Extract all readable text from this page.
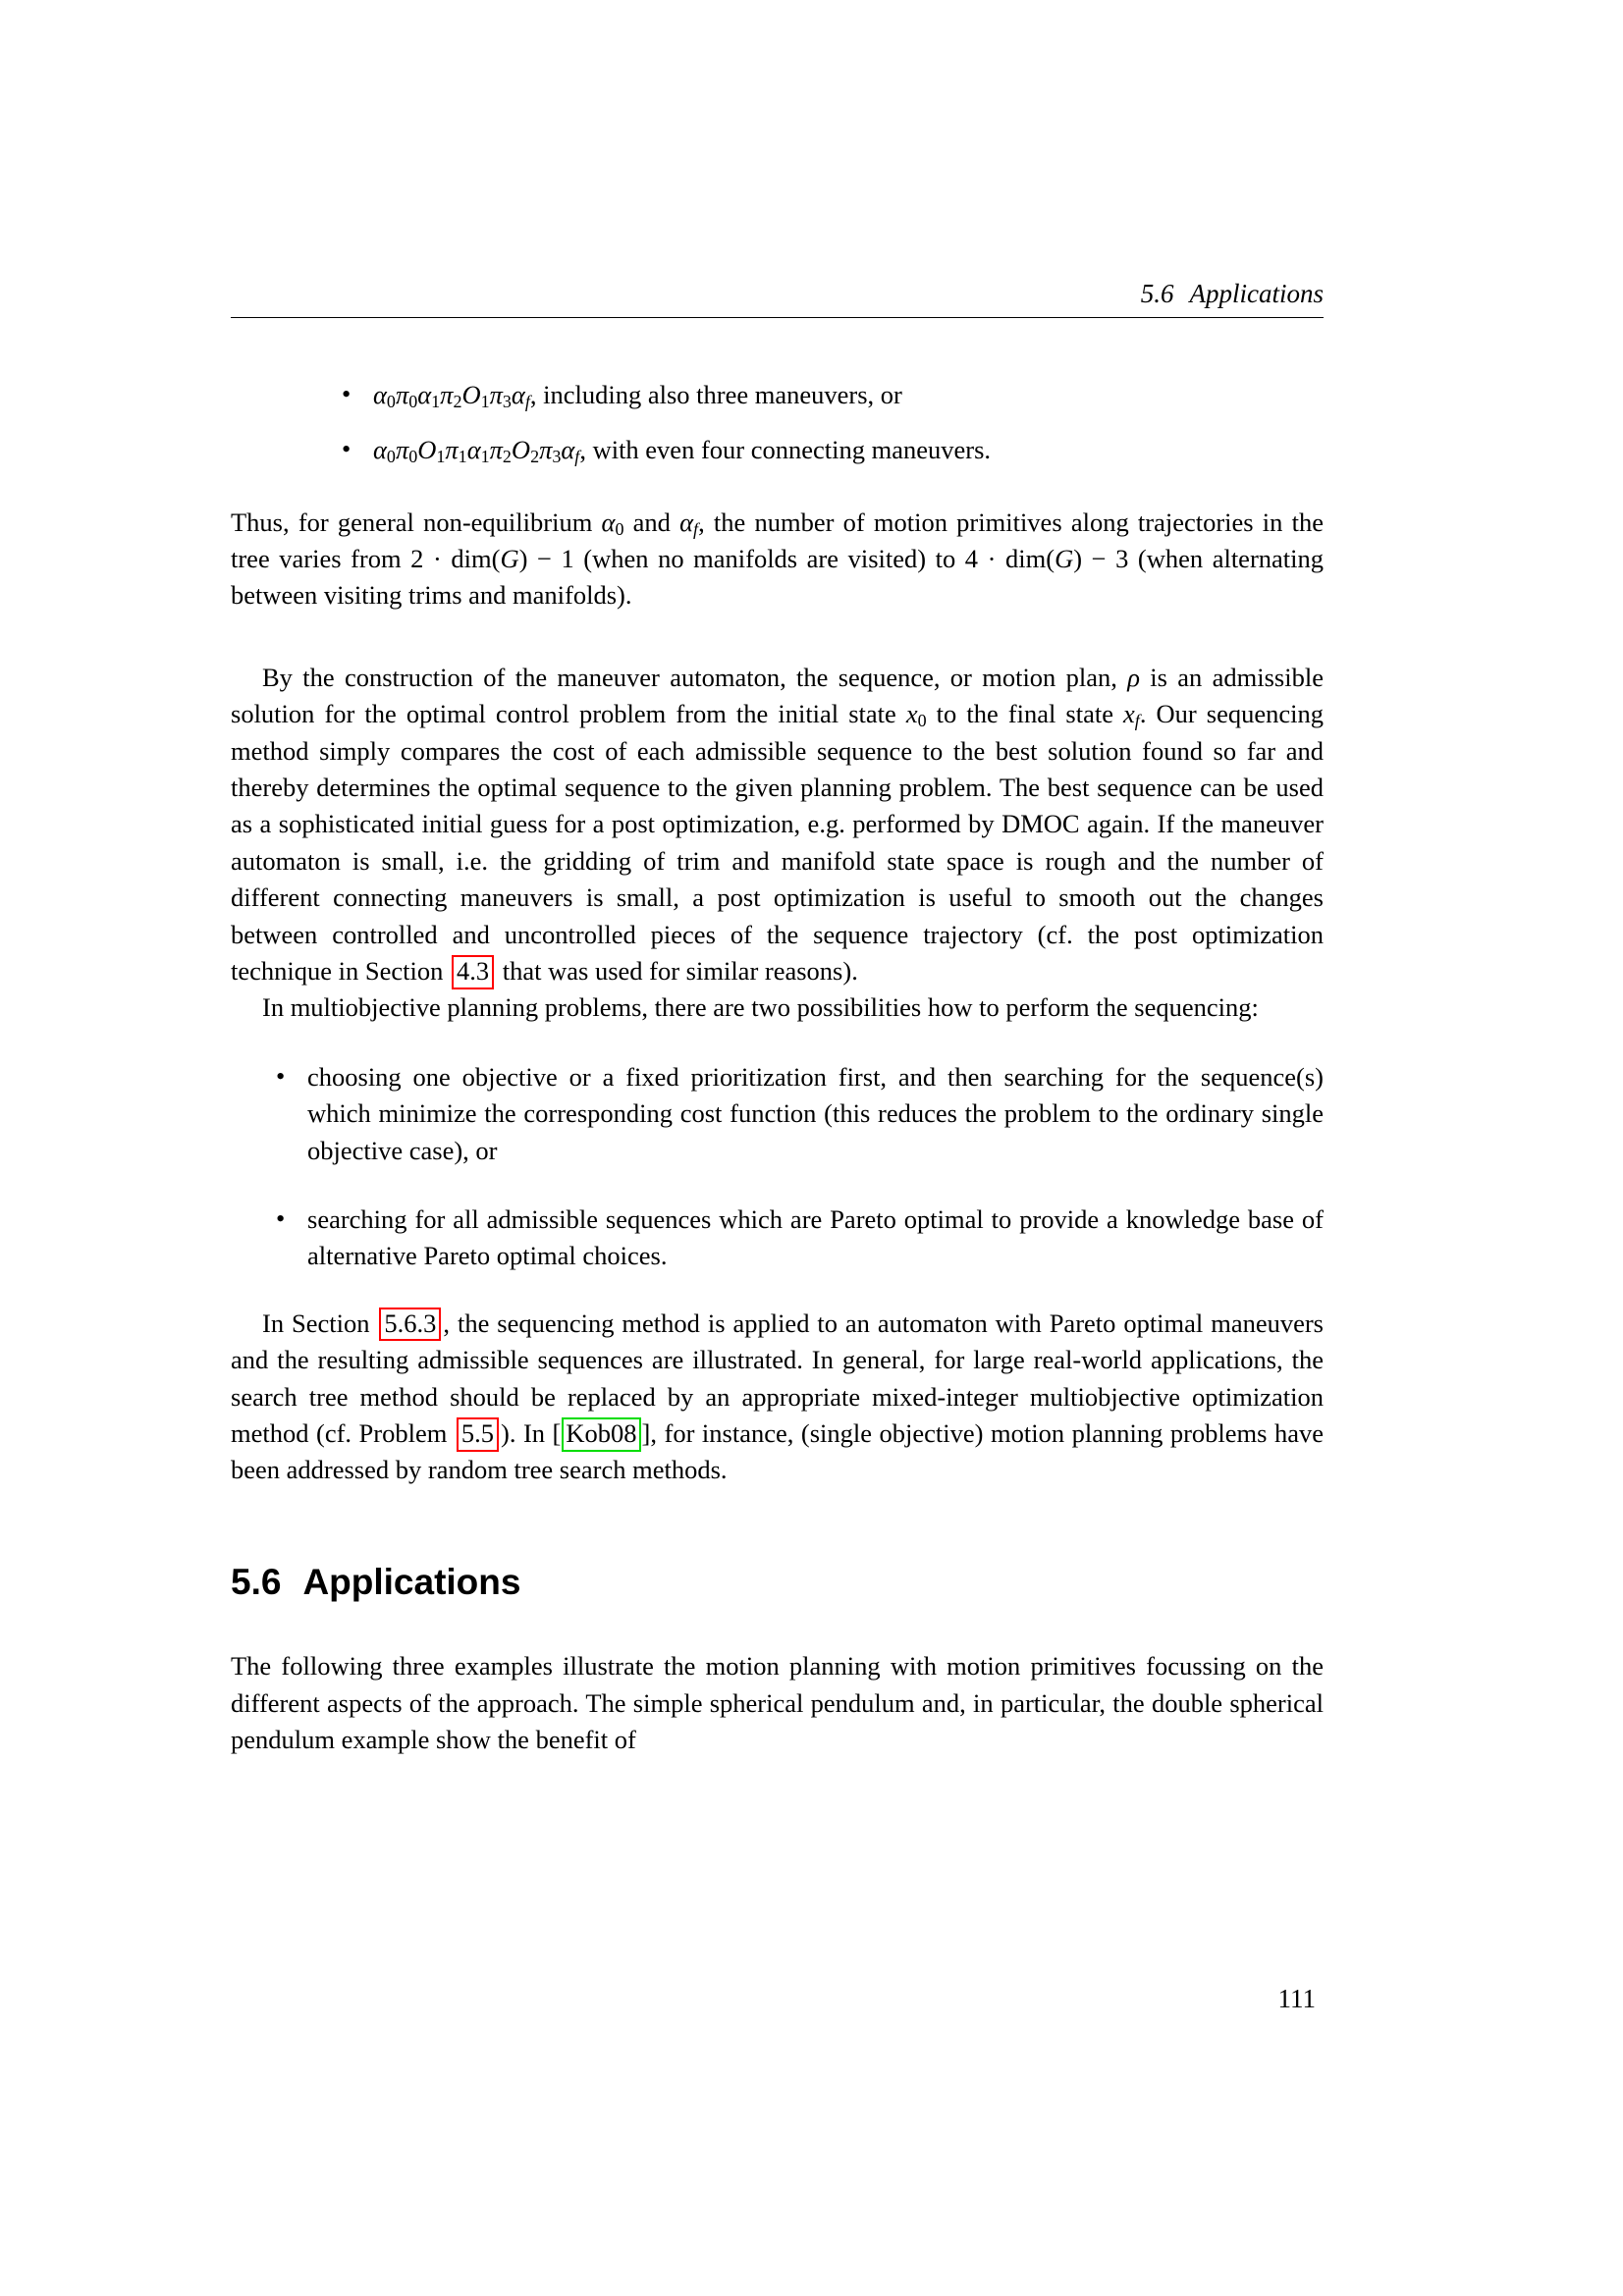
5.6 Applications
• α0π0α1π2O1π3αf, including also three maneuvers, or
• α0π0O1π1α1π2O2π3αf, with even four connecting maneuvers.

Thus, for general non-equilibrium α0 and αf, the number of motion primitives along trajectories in the tree varies from 2 · dim(G) − 1 (when no manifolds are visited) to 4 · dim(G) − 3 (when alternating between visiting trims and manifolds).

By the construction of the maneuver automaton, the sequence, or motion plan, ρ is an admissible solution for the optimal control problem from the initial state x0 to the final state xf. Our sequencing method simply compares the cost of each admissible sequence to the best solution found so far and thereby determines the optimal sequence to the given planning problem. The best sequence can be used as a sophisticated initial guess for a post optimization, e.g. performed by DMOC again. If the maneuver automaton is small, i.e. the gridding of trim and manifold state space is rough and the number of different connecting maneuvers is small, a post optimization is useful to smooth out the changes between controlled and uncontrolled pieces of the sequence trajectory (cf. the post optimization technique in Section 4.3 that was used for similar reasons).

In multiobjective planning problems, there are two possibilities how to perform the sequencing:

• choosing one objective or a fixed prioritization first, and then searching for the sequence(s) which minimize the corresponding cost function (this reduces the problem to the ordinary single objective case), or
• searching for all admissible sequences which are Pareto optimal to provide a knowledge base of alternative Pareto optimal choices.

In Section 5.6.3 , the sequencing method is applied to an automaton with Pareto optimal maneuvers and the resulting admissible sequences are illustrated. In general, for large real-world applications, the search tree method should be replaced by an appropriate mixed-integer multiobjective optimization method (cf. Problem 5.5 ). In [ Kob08 ], for instance, (single objective) motion planning problems have been addressed by random tree search methods.

5.6 Applications

The following three examples illustrate the motion planning with motion primitives focussing on the different aspects of the approach. The simple spherical pendulum and, in particular, the double spherical pendulum example show the benefit of

111
